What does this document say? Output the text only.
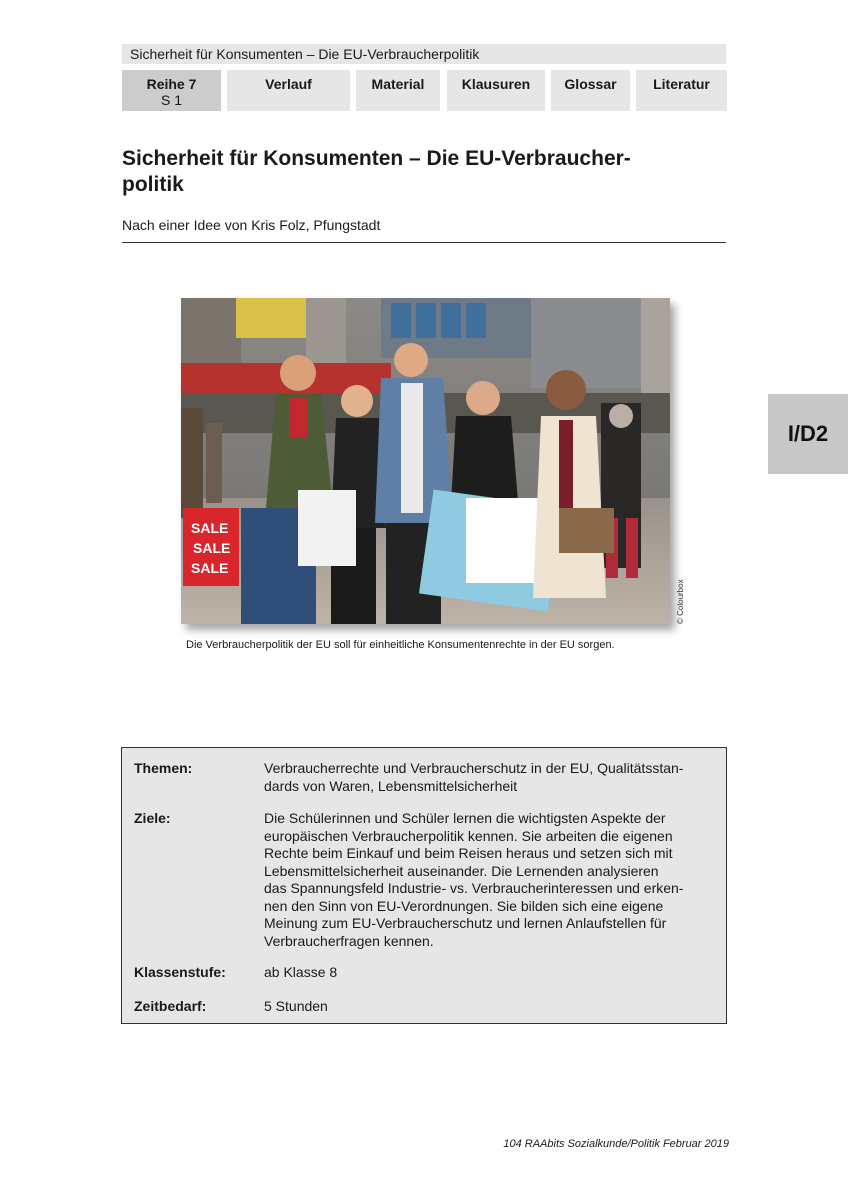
Sicherheit für Konsumenten – Die EU-Verbraucherpolitik
Reihe 7
S 1
Verlauf	Material	Klausuren	Glossar	Literatur
Sicherheit für Konsumenten – Die EU-Verbraucher-
politik
Nach einer Idee von Kris Folz, Pfungstadt
I/D2
SALE
SALE
SALE
© Colourbox
Die Verbraucherpolitik der EU soll für einheitliche Konsumentenrechte in der EU sorgen.
Themen:	Verbraucherrechte und Verbraucherschutz in der EU, Qualitätsstan-
dards von Waren, Lebensmittelsicherheit
Ziele:	Die Schülerinnen und Schüler lernen die wichtigsten Aspekte der
europäischen Verbraucherpolitik kennen. Sie arbeiten die eigenen
Rechte beim Einkauf und beim Reisen heraus und setzen sich mit
Lebensmittelsicherheit auseinander. Die Lernenden analysieren
das Spannungsfeld Industrie- vs. Verbraucherinteressen und erken-
nen den Sinn von EU-Verordnungen. Sie bilden sich eine eigene
Meinung zum EU-Verbraucherschutz und lernen Anlaufstellen für
Verbraucherfragen kennen.
Klassenstufe:	ab Klasse 8
Zeitbedarf:	5 Stunden
104 RAAbits Sozialkunde/Politik Februar 2019
